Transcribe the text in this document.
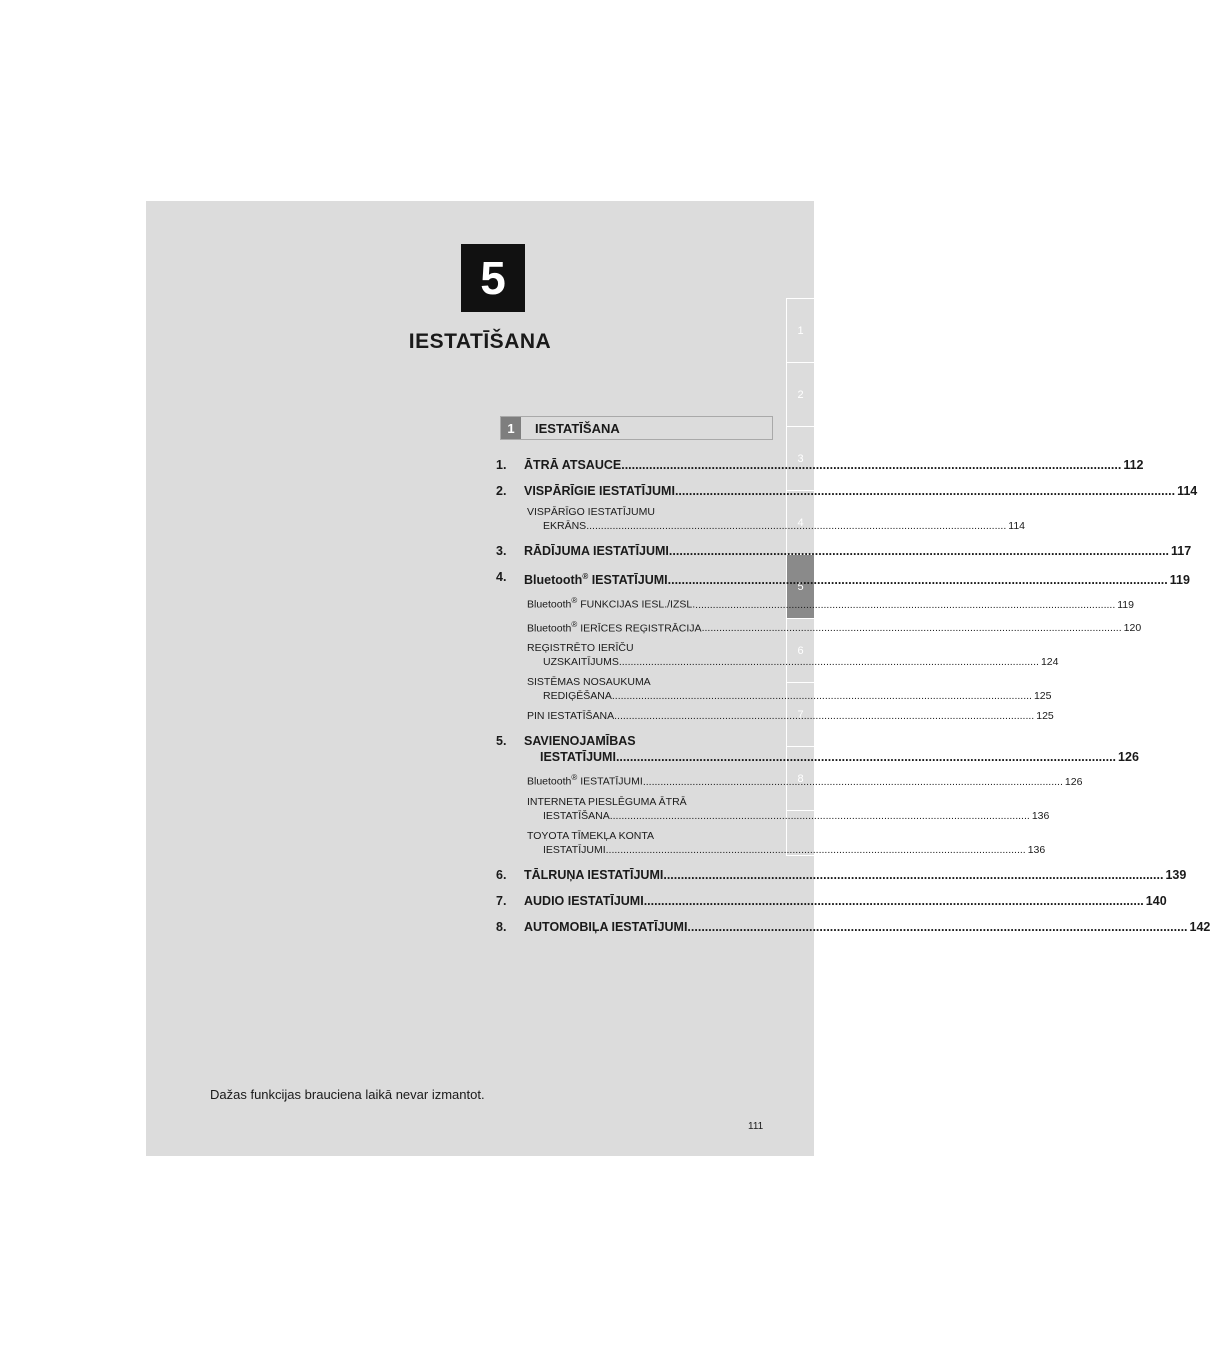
5
IESTATĪŠANA	1
2
3
4
5
6
7
8
1	IESTATĪŠANA
1.	ĀTRĀ ATSAUCE .....	112
2.	VISPĀRĪGIE IESTATĪJUMI .....	114
VISPĀRĪGO IESTATĪJUMU
EKRĀNS .....	114
3.	RĀDĪJUMA IESTATĪJUMI .....	117
4.	Bluetooth® IESTATĪJUMI .....	119
Bluetooth® FUNKCIJAS IESL./IZSL. .....	119
Bluetooth® IERĪCES REĢISTRĀCIJA .....	120
REĢISTRĒTO IERĪČU
UZSKAITĪJUMS .....	124
SISTĒMAS NOSAUKUMA
REDIĢĒŠANA .....	125
PIN IESTATĪŠANA .....	125
5.	SAVIENOJAMĪBAS
IESTATĪJUMI .....	126
Bluetooth® IESTATĪJUMI .....	126
INTERNETA PIESLĒGUMA ĀTRĀ
IESTATĪŠANA .....	136
TOYOTA TĪMEKĻA KONTA
IESTATĪJUMI .....	136
6.	TĀLRUŅA IESTATĪJUMI .....	139
7.	AUDIO IESTATĪJUMI .....	140
8.	AUTOMOBIĻA IESTATĪJUMI .....	142
Dažas funkcijas brauciena laikā nevar izmantot.
111
